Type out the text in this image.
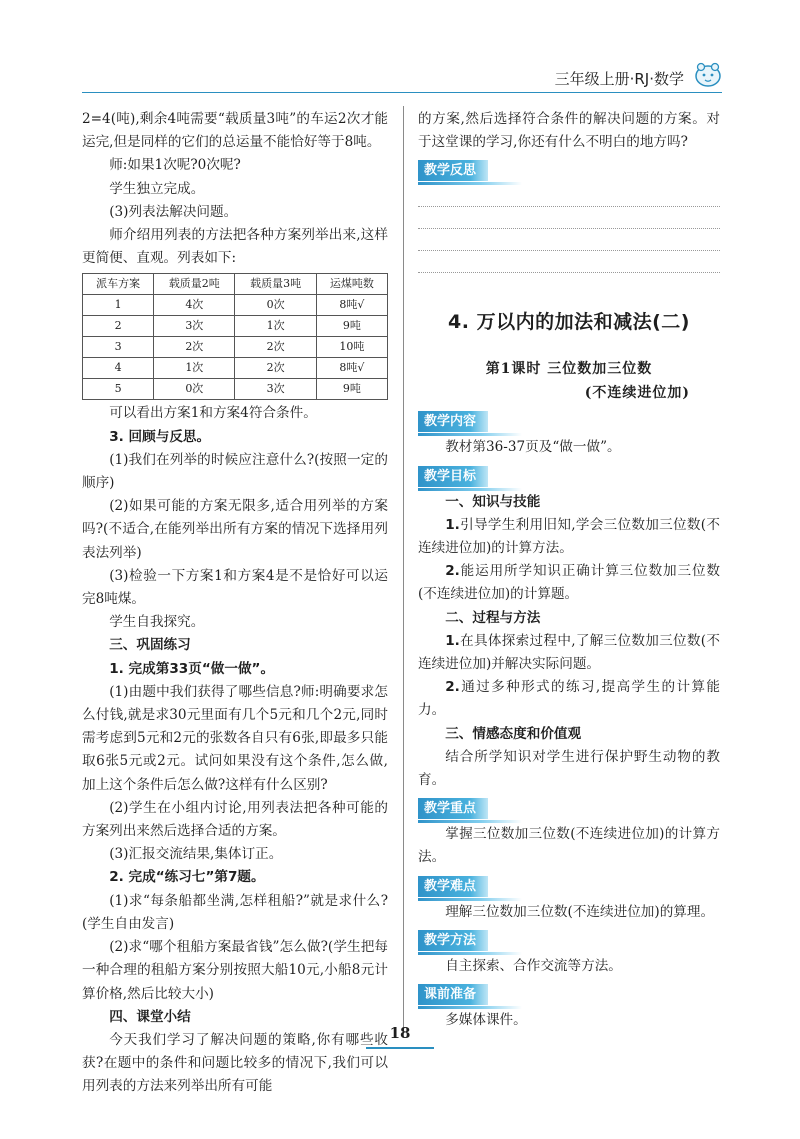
三年级上册·RJ·数学

2=4(吨),剩余4吨需要“载质量3吨”的车运2次才能运完,但是同样的它们的总运量不能恰好等于8吨。

师:如果1次呢?0次呢?

学生独立完成。

(3)列表法解决问题。

师介绍用列表的方法把各种方案列举出来,这样更简便、直观。列表如下:

派车方案	载质量2吨	载质量3吨	运煤吨数
1	4次	0次	8吨√
2	3次	1次	9吨
3	2次	2次	10吨
4	1次	2次	8吨√
5	0次	3次	9吨

可以看出方案1和方案4符合条件。

3. 回顾与反思。

(1)我们在列举的时候应注意什么?(按照一定的顺序)

(2)如果可能的方案无限多,适合用列举的方案吗?(不适合,在能列举出所有方案的情况下选择用列表法列举)

(3)检验一下方案1和方案4是不是恰好可以运完8吨煤。

学生自我探究。

三、巩固练习

1. 完成第33页“做一做”。

(1)由题中我们获得了哪些信息?师:明确要求怎么付钱,就是求30元里面有几个5元和几个2元,同时需考虑到5元和2元的张数各自只有6张,即最多只能取6张5元或2元。试问如果没有这个条件,怎么做,加上这个条件后怎么做?这样有什么区别?

(2)学生在小组内讨论,用列表法把各种可能的方案列出来然后选择合适的方案。

(3)汇报交流结果,集体订正。

2. 完成“练习七”第7题。

(1)求“每条船都坐满,怎样租船?”就是求什么?(学生自由发言)

(2)求“哪个租船方案最省钱”怎么做?(学生把每一种合理的租船方案分别按照大船10元,小船8元计算价格,然后比较大小)

四、课堂小结

今天我们学习了解决问题的策略,你有哪些收获?在题中的条件和问题比较多的情况下,我们可以用列表的方法来列举出所有可能

的方案,然后选择符合条件的解决问题的方案。对于这堂课的学习,你还有什么不明白的地方吗?

教学反思
4. 万以内的加法和减法(二)
第1课时 三位数加三位数
(不连续进位加)
教学内容

教材第36-37页及“做一做”。

教学目标

一、知识与技能

1.引导学生利用旧知,学会三位数加三位数(不连续进位加)的计算方法。

2.能运用所学知识正确计算三位数加三位数(不连续进位加)的计算题。

二、过程与方法

1.在具体探索过程中,了解三位数加三位数(不连续进位加)并解决实际问题。

2.通过多种形式的练习,提高学生的计算能力。

三、情感态度和价值观

结合所学知识对学生进行保护野生动物的教育。

教学重点

掌握三位数加三位数(不连续进位加)的计算方法。

教学难点

理解三位数加三位数(不连续进位加)的算理。

教学方法

自主探索、合作交流等方法。

课前准备

多媒体课件。

18
